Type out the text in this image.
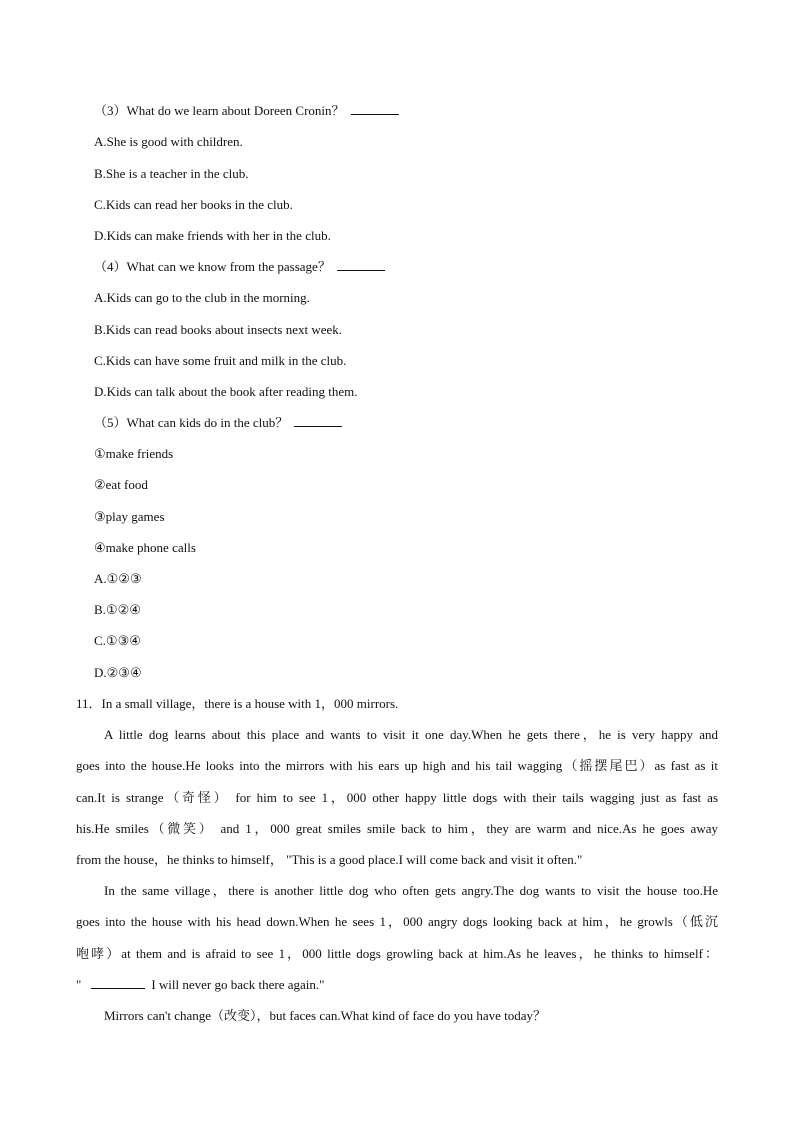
（3）What do we learn about Doreen Cronin？
A.She is good with children.
B.She is a teacher in the club.
C.Kids can read her books in the club.
D.Kids can make friends with her in the club.
（4）What can we know from the passage？
A.Kids can go to the club in the morning.
B.Kids can read books about insects next week.
C.Kids can have some fruit and milk in the club.
D.Kids can talk about the book after reading them.
（5）What can kids do in the club？
①make friends
②eat food
③play games
④make phone calls
A.①②③
B.①②④
C.①③④
D.②③④
11．In a small village，there is a house with 1，000 mirrors.
A little dog learns about this place and wants to visit it one day.When he gets there，he is very happy and
goes into the house.He looks into the mirrors with his ears up high and his tail wagging（摇摆尾巴）as fast as it
can.It is strange（奇怪） for him to see 1，000 other happy little dogs with their tails wagging just as fast as
his.He smiles（微笑） and 1，000 great smiles smile back to him，they are warm and nice.As he goes away
from the house，he thinks to himself， "This is a good place.I will come back and visit it often."
In the same village，there is another little dog who often gets angry.The dog wants to visit the house too.He
goes into the house with his head down.When he sees 1，000 angry dogs looking back at him，he growls（低沉
咆哮）at them and is afraid to see 1，000 little dogs growling back at him.As he leaves，he thinks to himself：
"	I will never go back there again."
Mirrors can't change（改变），but faces can.What kind of face do you have today？
